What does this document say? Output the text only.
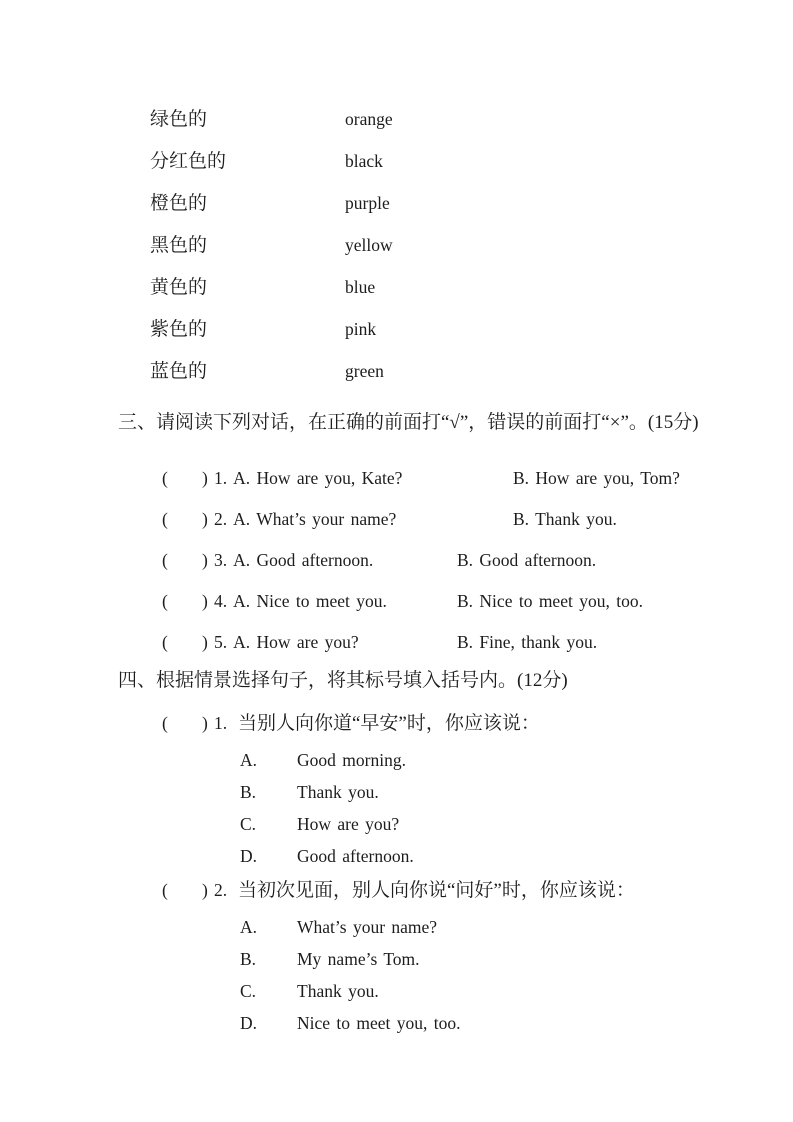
绿色的	orange
分红色的	black
橙色的	purple
黑色的	yellow
黄色的	blue
紫色的	pink
蓝色的	green
三、请阅读下列对话，在正确的前面打“√”，错误的前面打“×”。(15分)
( ) 1. A. How are you, Kate?	B. How are you, Tom?
( ) 2. A. What’s your name?	B. Thank you.
( ) 3. A. Good afternoon.	B. Good afternoon.
( ) 4. A. Nice to meet you.	B. Nice to meet you, too.
( ) 5. A. How are you?	B. Fine, thank you.
四、根据情景选择句子，将其标号填入括号内。(12分)
( ) 1. 当别人向你道“早安”时，你应该说：
A. Good morning.
B. Thank you.
C. How are you?
D. Good afternoon.
( ) 2. 当初次见面，别人向你说“问好”时，你应该说：
A. What’s your name?
B. My name’s Tom.
C. Thank you.
D. Nice to meet you, too.
